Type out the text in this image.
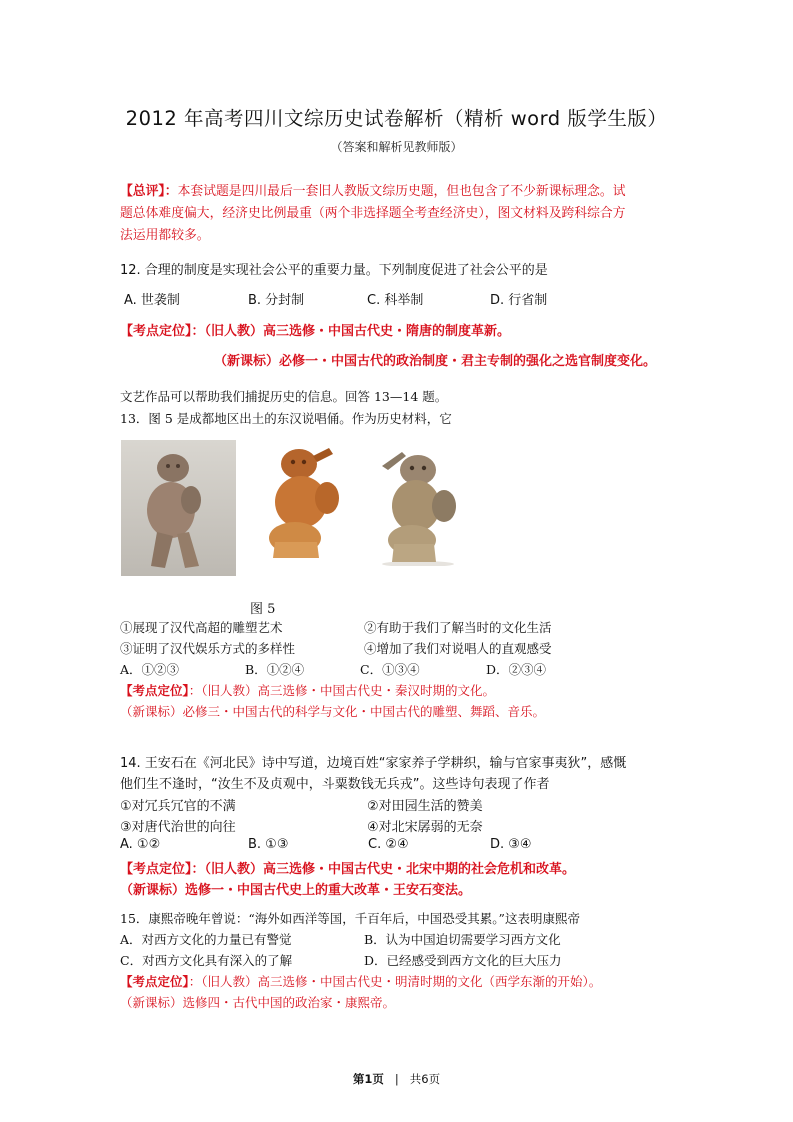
2012 年高考四川文综历史试卷解析（精析 word 版学生版）
（答案和解析见教师版）
【总评】：本套试题是四川最后一套旧人教版文综历史题，但也包含了不少新课标理念。试
题总体难度偏大，经济史比例最重（两个非选择题全考查经济史），图文材料及跨科综合方
法运用都较多。
12. 合理的制度是实现社会公平的重要力量。下列制度促进了社会公平的是
A. 世袭制	B. 分封制	C. 科举制	D. 行省制
【考点定位】：（旧人教）高三选修・中国古代史・隋唐的制度革新。
（新课标）必修一・中国古代的政治制度・君主专制的强化之选官制度变化。
文艺作品可以帮助我们捕捉历史的信息。回答 13—14 题。
13．图 5 是成都地区出土的东汉说唱俑。作为历史材料，它
图 5
①展现了汉代高超的雕塑艺术	②有助于我们了解当时的文化生活
③证明了汉代娱乐方式的多样性	④增加了我们对说唱人的直观感受
A．①②③	B．①②④	C．①③④	D．②③④
【考点定位】：（旧人教）高三选修・中国古代史・秦汉时期的文化。
（新课标）必修三・中国古代的科学与文化・中国古代的雕塑、舞蹈、音乐。
14. 王安石在《河北民》诗中写道，边境百姓“家家养子学耕织，输与官家事夷狄”，感慨
他们生不逢时，“汝生不及贞观中，斗粟数钱无兵戎”。这些诗句表现了作者
①对冗兵冗官的不满	②对田园生活的赞美
③对唐代治世的向往	④对北宋孱弱的无奈
A. ①②	B. ①③	C. ②④	D. ③④
【考点定位】：（旧人教）高三选修・中国古代史・北宋中期的社会危机和改革。
（新课标）选修一・中国古代史上的重大改革・王安石变法。
15．康熙帝晚年曾说：“海外如西洋等国，千百年后，中国恐受其累。”这表明康熙帝
A．对西方文化的力量已有警觉	B．认为中国迫切需要学习西方文化
C．对西方文化具有深入的了解	D．已经感受到西方文化的巨大压力
【考点定位】：（旧人教）高三选修・中国古代史・明清时期的文化（西学东渐的开始）。
（新课标）选修四・古代中国的政治家・康熙帝。
第1页 | 共6页
